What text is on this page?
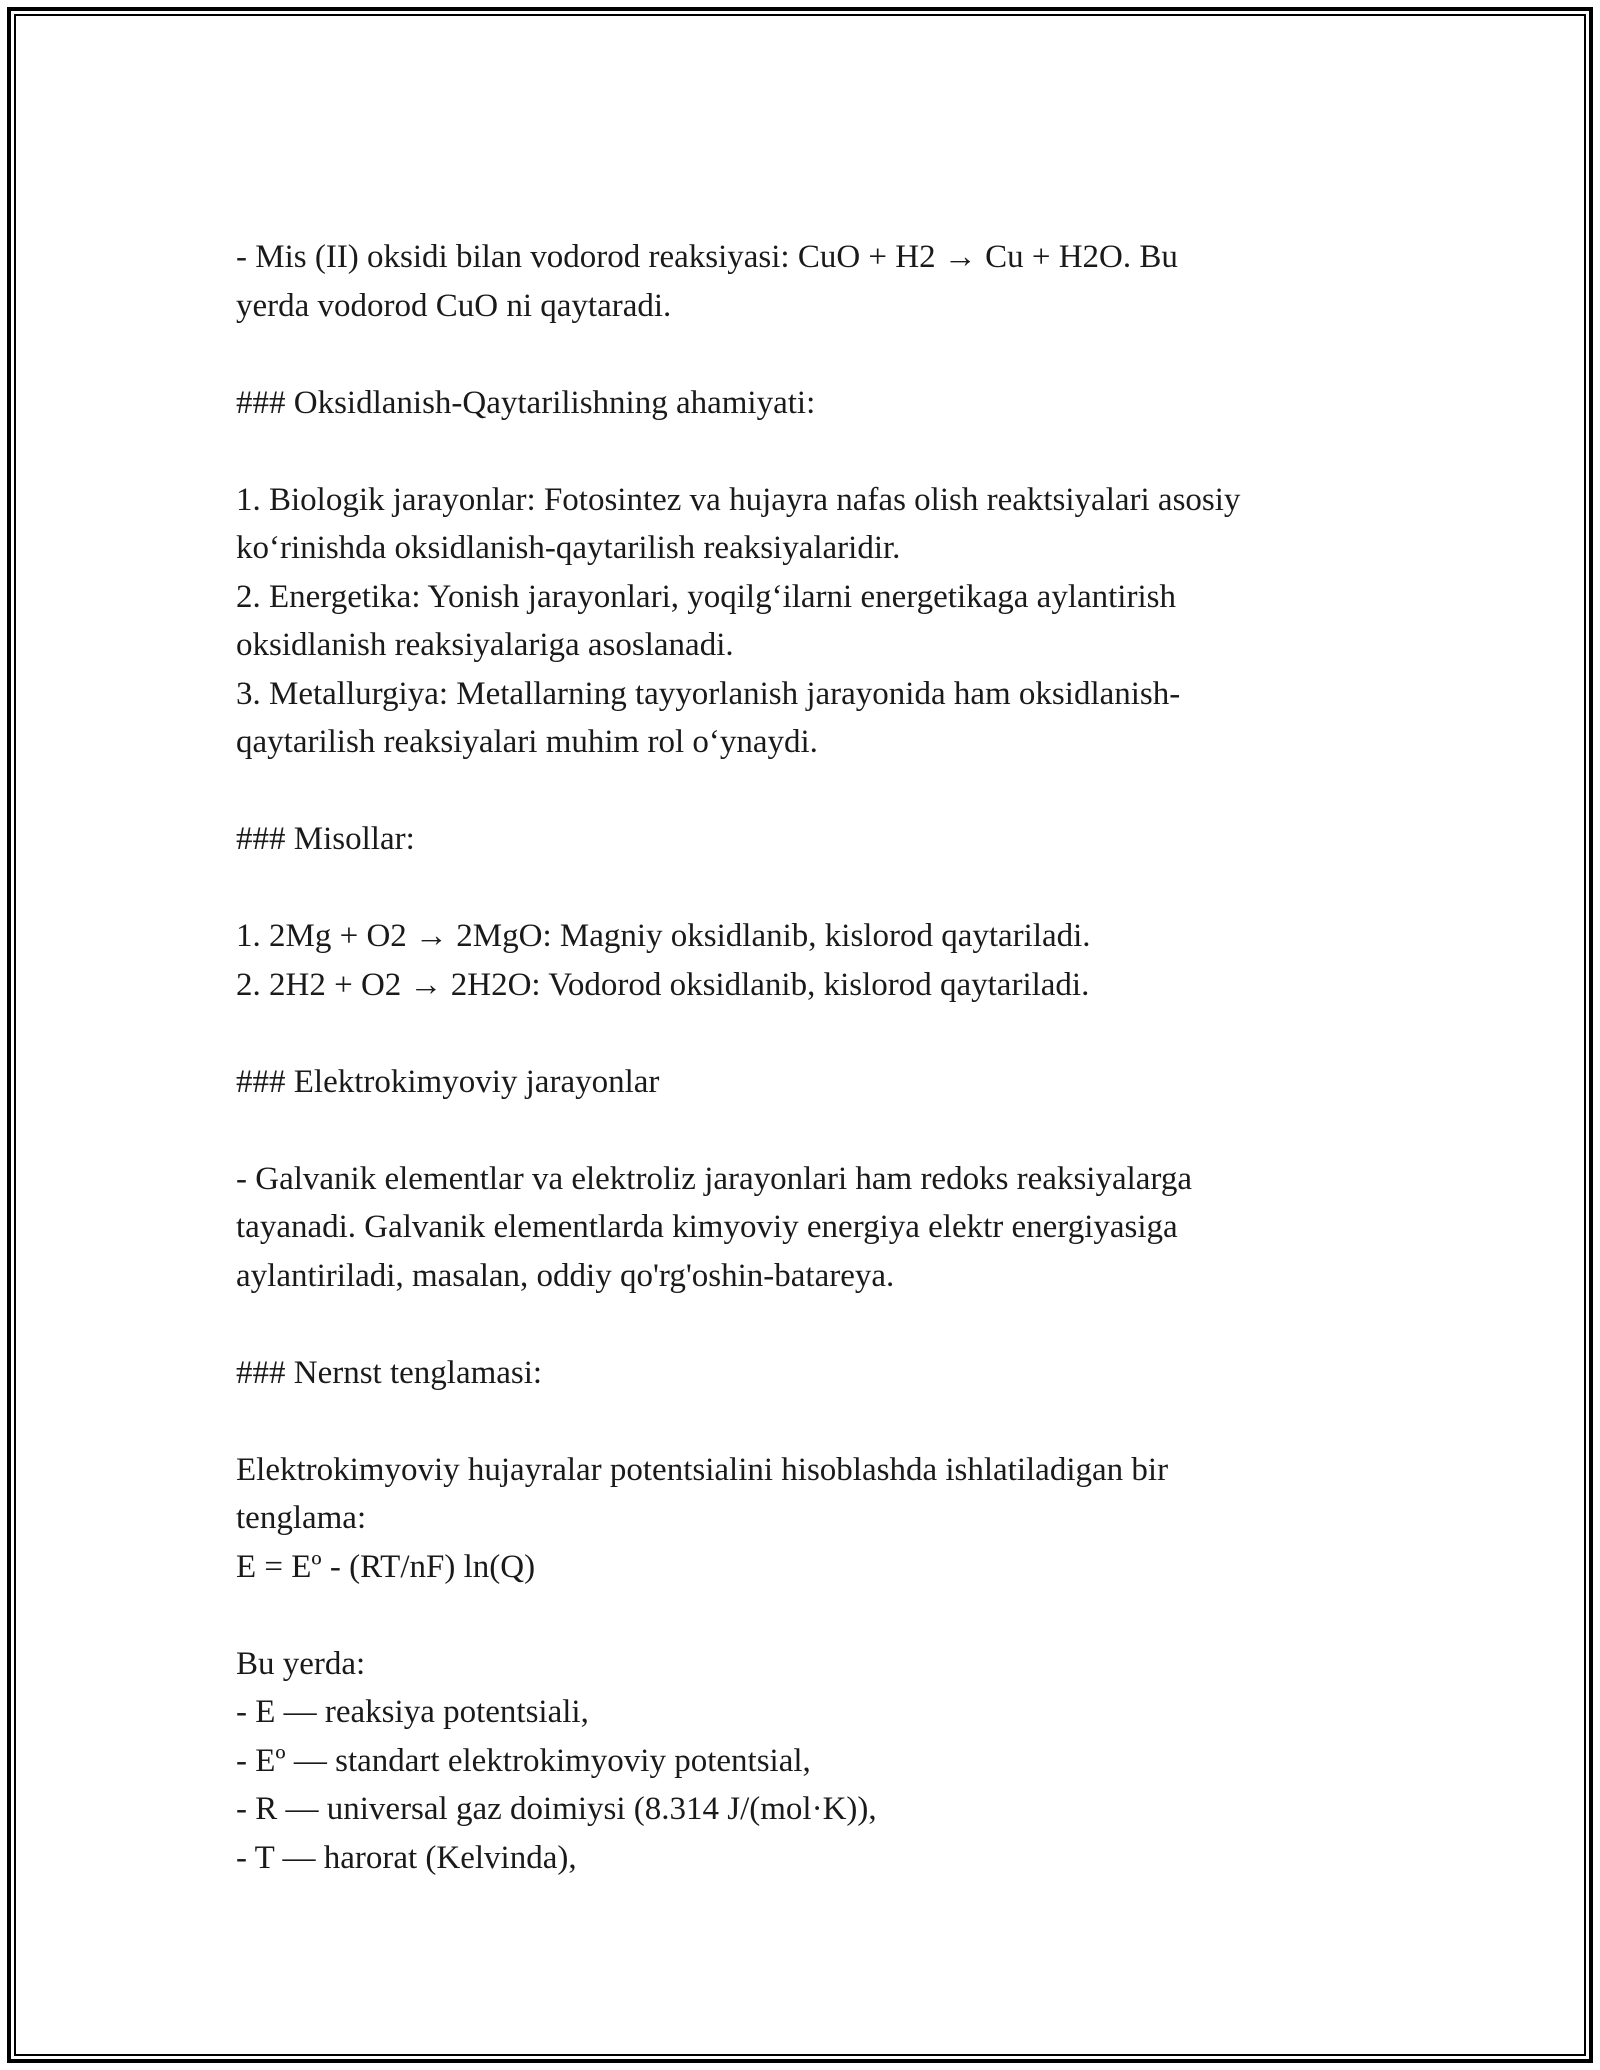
- Mis (II) oksidi bilan vodorod reaksiyasi: CuO + H2 → Cu + H2O. Bu
yerda vodorod CuO ni qaytaradi.
### Oksidlanish-Qaytarilishning ahamiyati:
1. Biologik jarayonlar: Fotosintez va hujayra nafas olish reaktsiyalari asosiy
ko‘rinishda oksidlanish-qaytarilish reaksiyalaridir.
2. Energetika: Yonish jarayonlari, yoqilg‘ilarni energetikaga aylantirish
oksidlanish reaksiyalariga asoslanadi.
3. Metallurgiya: Metallarning tayyorlanish jarayonida ham oksidlanish-
qaytarilish reaksiyalari muhim rol o‘ynaydi.
### Misollar:
1. 2Mg + O2 → 2MgO: Magniy oksidlanib, kislorod qaytariladi.
2. 2H2 + O2 → 2H2O: Vodorod oksidlanib, kislorod qaytariladi.
### Elektrokimyoviy jarayonlar
- Galvanik elementlar va elektroliz jarayonlari ham redoks reaksiyalarga
tayanadi. Galvanik elementlarda kimyoviy energiya elektr energiyasiga
aylantiriladi, masalan, oddiy qo'rg'oshin-batareya.
### Nernst tenglamasi:
Elektrokimyoviy hujayralar potentsialini hisoblashda ishlatiladigan bir
tenglama:
E = Eº - (RT/nF) ln(Q)
Bu yerda:
- E — reaksiya potentsiali,
- Eº — standart elektrokimyoviy potentsial,
- R — universal gaz doimiysi (8.314 J/(mol·K)),
- T — harorat (Kelvinda),
